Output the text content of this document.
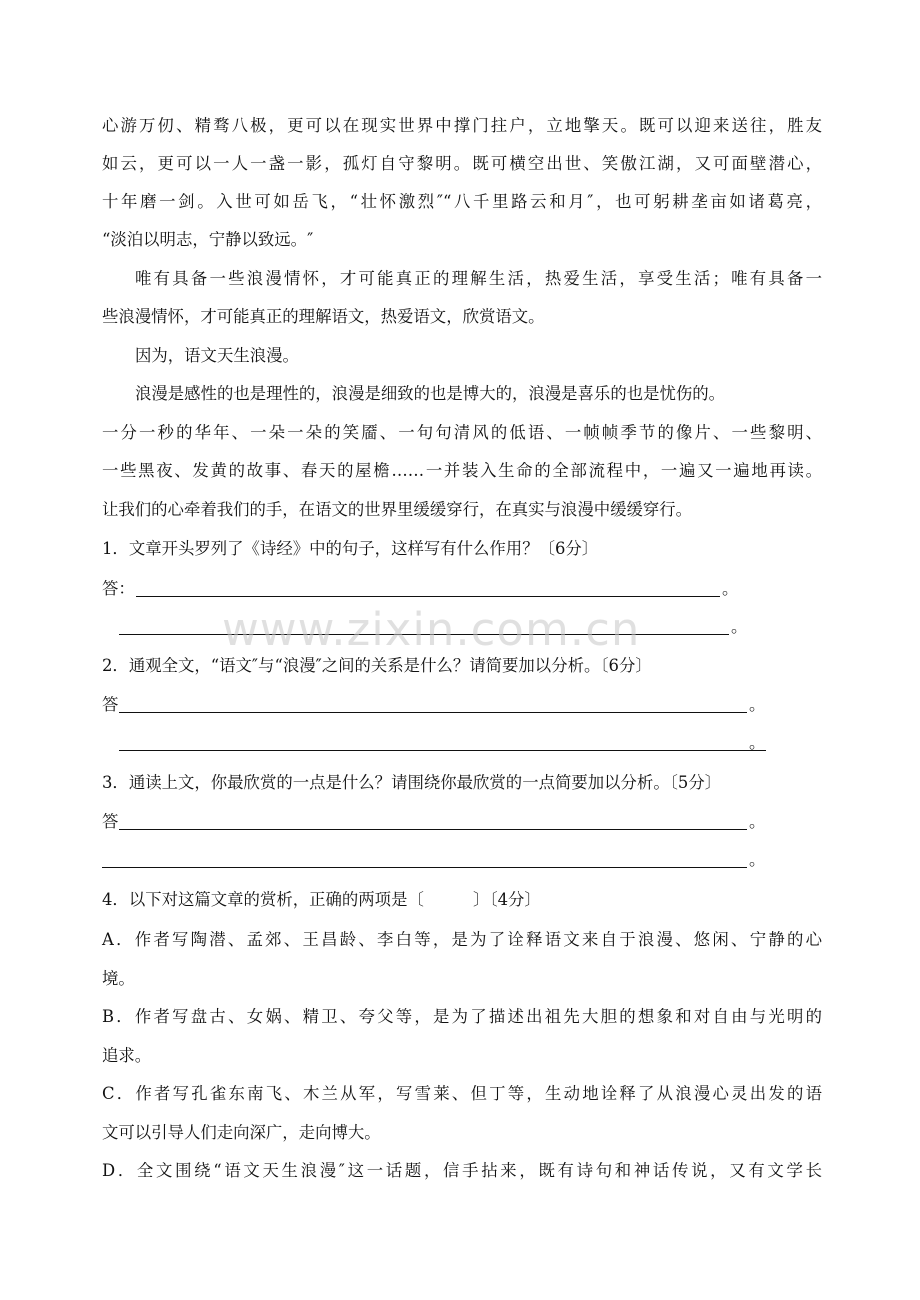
心游万仞、精骛八极，更可以在现实世界中撑门拄户，立地擎天。既可以迎来送往，胜友
如云，更可以一人一盏一影，孤灯自守黎明。既可横空出世、笑傲江湖，又可面壁潜心，
十年磨一剑。入世可如岳飞，“壮怀激烈″“八千里路云和月″，也可躬耕垄亩如诸葛亮，
“淡泊以明志，宁静以致远。″
唯有具备一些浪漫情怀，才可能真正的理解生活，热爱生活，享受生活；唯有具备一
些浪漫情怀，才可能真正的理解语文，热爱语文，欣赏语文。
因为，语文天生浪漫。
浪漫是感性的也是理性的，浪漫是细致的也是博大的，浪漫是喜乐的也是忧伤的。
一分一秒的华年、一朵一朵的笑靥、一句句清风的低语、一帧帧季节的像片、一些黎明、
一些黑夜、发黄的故事、春天的屋檐……一并装入生命的全部流程中，一遍又一遍地再读。
让我们的心牵着我们的手，在语文的世界里缓缓穿行，在真实与浪漫中缓缓穿行。
1．文章开头罗列了《诗经》中的句子，这样写有什么作用？〔6分〕
答：	。
。
2．通观全文，“语文″与“浪漫″之间的关系是什么？请简要加以分析。〔6分〕
答	。
。
3．通读上文，你最欣赏的一点是什么？请围绕你最欣赏的一点简要加以分析。〔5分〕
答	。
。
4．以下对这篇文章的赏析，正确的两项是〔　　　〕〔4分〕
A．作者写陶潜、孟郊、王昌龄、李白等，是为了诠释语文来自于浪漫、悠闲、宁静的心
境。
B．作者写盘古、女娲、精卫、夸父等，是为了描述出祖先大胆的想象和对自由与光明的
追求。
C．作者写孔雀东南飞、木兰从军，写雪莱、但丁等，生动地诠释了从浪漫心灵出发的语
文可以引导人们走向深广，走向博大。
D．全文围绕“语文天生浪漫″这一话题，信手拈来，既有诗句和神话传说，又有文学长
www.zixin.com.cn
